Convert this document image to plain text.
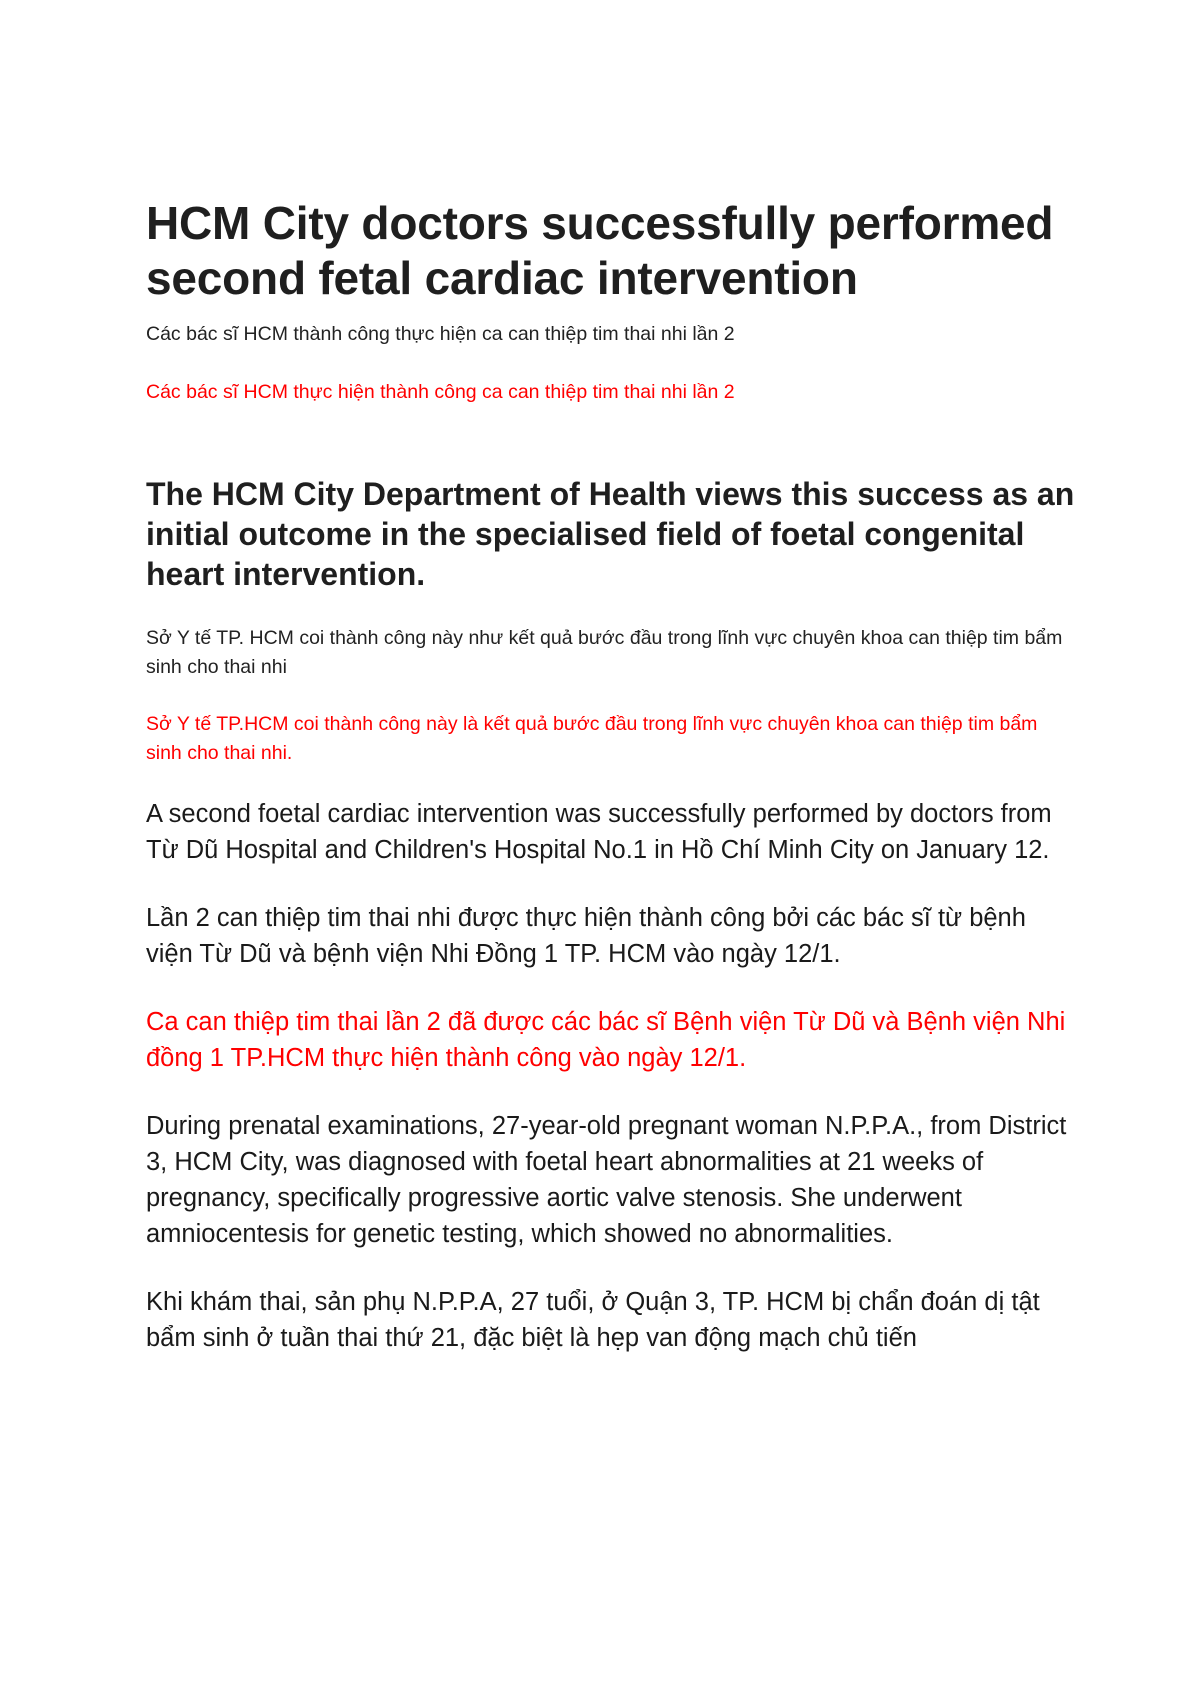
HCM City doctors successfully performed second fetal cardiac intervention

Các bác sĩ HCM thành công thực hiện ca can thiệp tim thai nhi lần 2

Các bác sĩ HCM thực hiện thành công ca can thiệp tim thai nhi lần 2

The HCM City Department of Health views this success as an initial outcome in the specialised field of foetal congenital heart intervention.

Sở Y tế TP. HCM coi thành công này như kết quả bước đầu trong lĩnh vực chuyên khoa can thiệp tim bẩm sinh cho thai nhi

Sở Y tế TP.HCM coi thành công này là kết quả bước đầu trong lĩnh vực chuyên khoa can thiệp tim bẩm sinh cho thai nhi.

A second foetal cardiac intervention was successfully performed by doctors from Từ Dũ Hospital and Children's Hospital No.1 in Hồ Chí Minh City on January 12.

Lần 2 can thiệp tim thai nhi được thực hiện thành công bởi các bác sĩ từ bệnh viện Từ Dũ và bệnh viện Nhi Đồng 1 TP. HCM vào ngày 12/1.

Ca can thiệp tim thai lần 2 đã được các bác sĩ Bệnh viện Từ Dũ và Bệnh viện Nhi đồng 1 TP.HCM thực hiện thành công vào ngày 12/1.

During prenatal examinations, 27-year-old pregnant woman N.P.P.A., from District 3, HCM City, was diagnosed with foetal heart abnormalities at 21 weeks of pregnancy, specifically progressive aortic valve stenosis. She underwent amniocentesis for genetic testing, which showed no abnormalities.

Khi khám thai, sản phụ N.P.P.A, 27 tuổi, ở Quận 3, TP. HCM bị chẩn đoán dị tật bẩm sinh ở tuần thai thứ 21, đặc biệt là hẹp van động mạch chủ tiến
